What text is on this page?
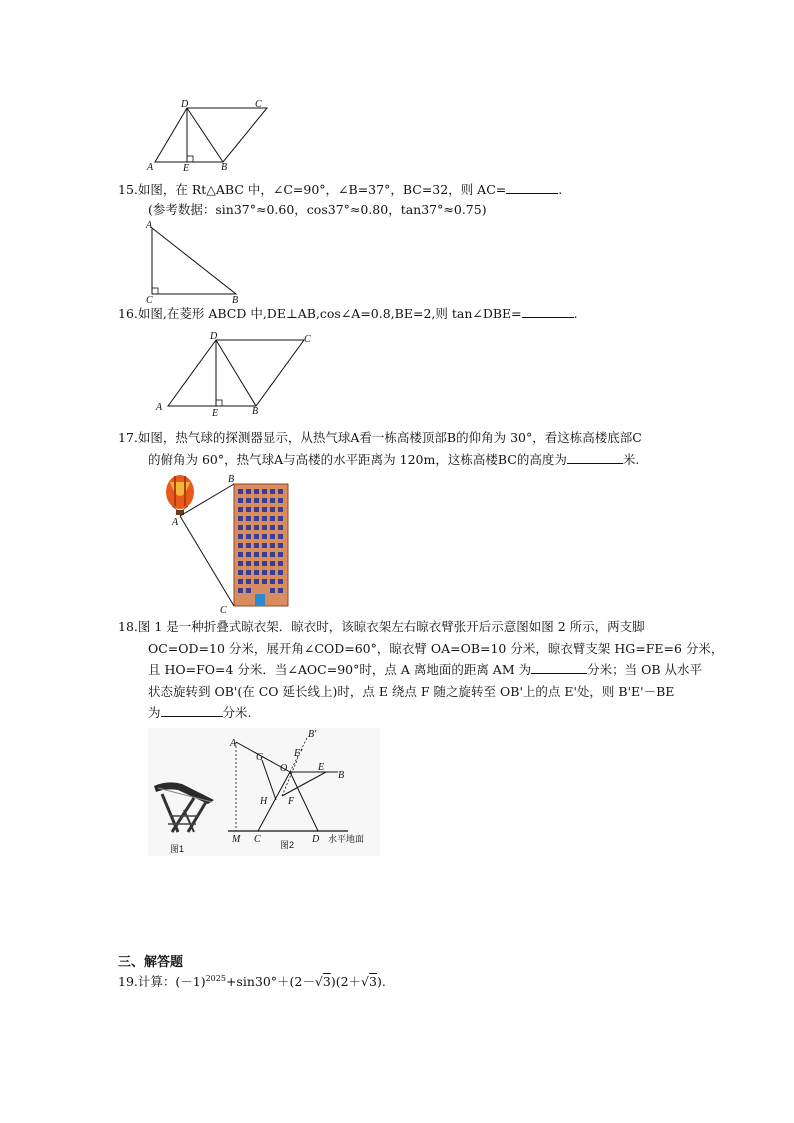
D	C
A	E	B
15.如图，在 Rt△ABC 中，∠C=90°，∠B=37°，BC=32，则 AC=	.
(参考数据：sin37°≈0.60，cos37°≈0.80，tan37°≈0.75)
A
C	B
16.如图,在菱形 ABCD 中,DE⊥AB,cos∠A=0.8,BE=2,则 tan∠DBE=	.
D	C
A
E	B
17.如图，热气球的探测器显示，从热气球A看一栋高楼顶部B的仰角为 30°，看这栋高楼底部C
的俯角为 60°，热气球A与高楼的水平距离为 120m，这栋高楼BC的高度为	米.
A
B
C
18.图 1 是一种折叠式晾衣架．晾衣时，该晾衣架左右晾衣臂张开后示意图如图 2 所示，两支脚
OC=OD=10 分米，展开角∠COD=60°，晾衣臂 OA=OB=10 分米，晾衣臂支架 HG=FE=6 分米，
且 HO=FO=4 分米．当∠AOC=90°时，点 A 离地面的距离 AM 为	分米；当 OB 从水平
状态旋转到 OB'(在 CO 延长线上)时，点 E 绕点 F 随之旋转至 OB'上的点 E'处，则 B'E'－BE
为	分米.
图1
A
G	E'
B'
O	E
B
H F
M C	D
图2
水平地面
三、解答题
19.计算：$(-1)^{2025}+\sin 30^\circ+(2-√3)(2+√3)$.
